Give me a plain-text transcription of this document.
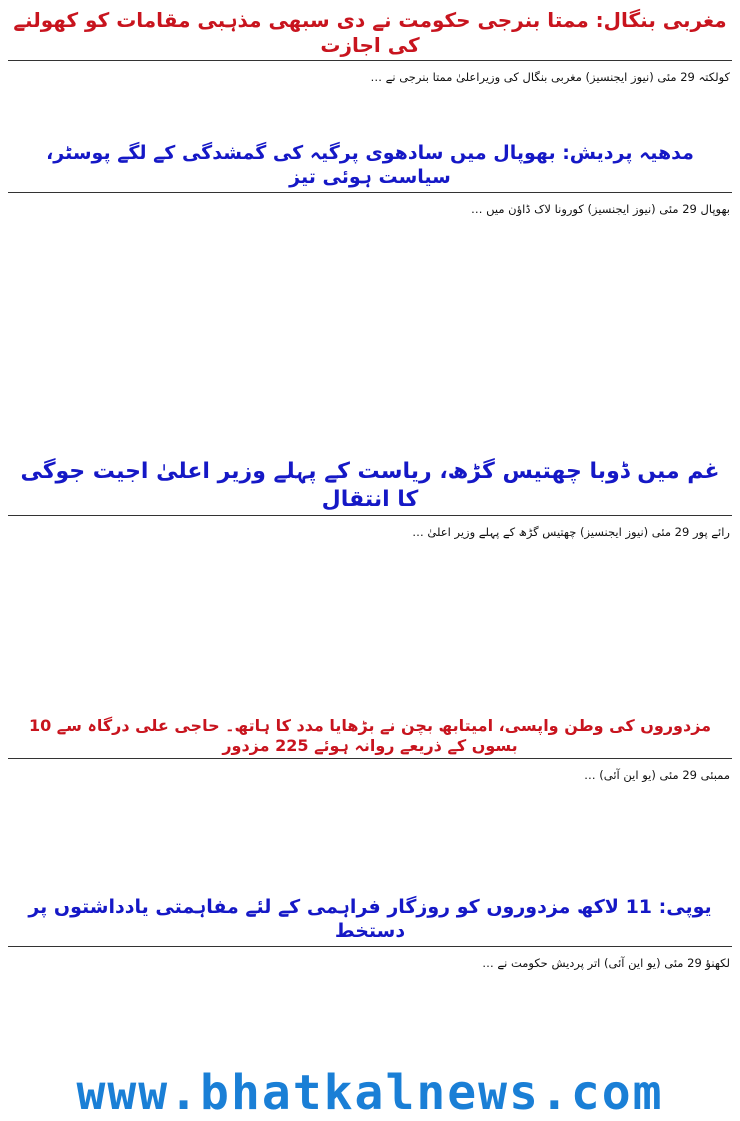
مغربی بنگال: ممتا بنرجی حکومت نے دی سبھی مذہبی مقامات کو کھولنے کی اجازت

کولکتہ 29 مئی (نیوز ایجنسیز) مغربی بنگال کی وزیراعلیٰ ممتا بنرجی نے …

مدھیہ پردیش: بھوپال میں سادھوی پرگیہ کی گمشدگی کے لگے پوسٹر، سیاست ہوئی تیز

بھوپال 29 مئی (نیوز ایجنسیز) کورونا لاک ڈاؤن میں …

غم میں ڈوبا چھتیس گڑھ، ریاست کے پہلے وزیر اعلیٰ اجیت جوگی کا انتقال

رائے پور 29 مئی (نیوز ایجنسیز) چھتیس گڑھ کے پہلے وزیر اعلیٰ …

مزدوروں کی وطن واپسی، امیتابھ بچن نے بڑھایا مدد کا ہاتھ۔ حاجی علی درگاہ سے 10 بسوں کے ذریعے روانہ ہوئے 225 مزدور

ممبئی 29 مئی (یو این آئی) …

یوپی: 11 لاکھ مزدوروں کو روزگار فراہمی کے لئے مفاہمتی یادداشتوں پر دستخط

لکھنؤ 29 مئی (یو این آئی) اتر پردیش حکومت نے …

www.bhatkalnews.com
